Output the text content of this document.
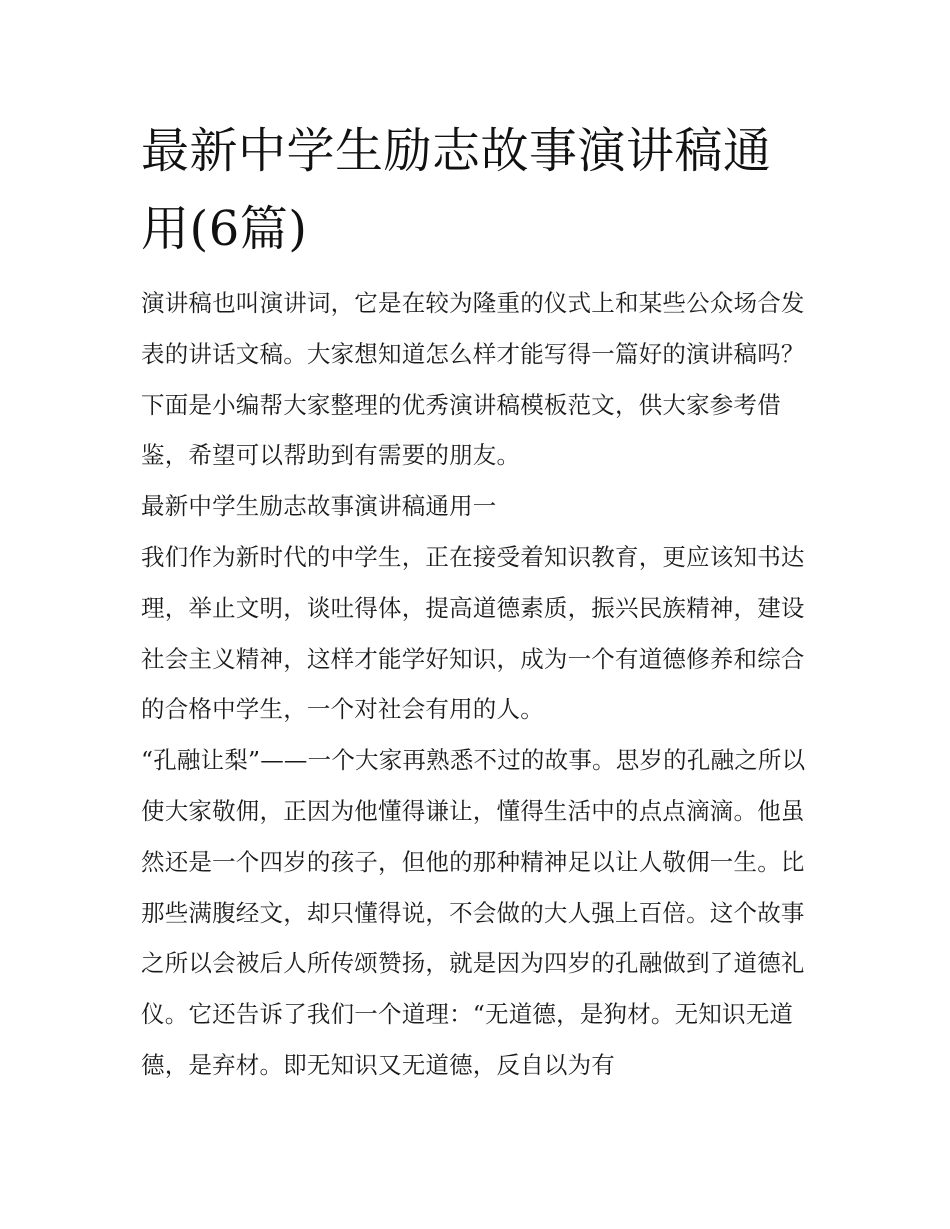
最新中学生励志故事演讲稿通用(6篇)

演讲稿也叫演讲词，它是在较为隆重的仪式上和某些公众场合发表的讲话文稿。大家想知道怎么样才能写得一篇好的演讲稿吗？下面是小编帮大家整理的优秀演讲稿模板范文，供大家参考借鉴，希望可以帮助到有需要的朋友。

最新中学生励志故事演讲稿通用一

我们作为新时代的中学生，正在接受着知识教育，更应该知书达理，举止文明，谈吐得体，提高道德素质，振兴民族精神，建设社会主义精神，这样才能学好知识，成为一个有道德修养和综合的合格中学生，一个对社会有用的人。

“孔融让梨”——一个大家再熟悉不过的故事。思岁的孔融之所以使大家敬佣，正因为他懂得谦让，懂得生活中的点点滴滴。他虽然还是一个四岁的孩子，但他的那种精神足以让人敬佣一生。比那些满腹经文，却只懂得说，不会做的大人强上百倍。这个故事之所以会被后人所传颂赞扬，就是因为四岁的孔融做到了道德礼仪。它还告诉了我们一个道理：“无道德，是狗材。无知识无道德，是弃材。即无知识又无道德，反自以为有
